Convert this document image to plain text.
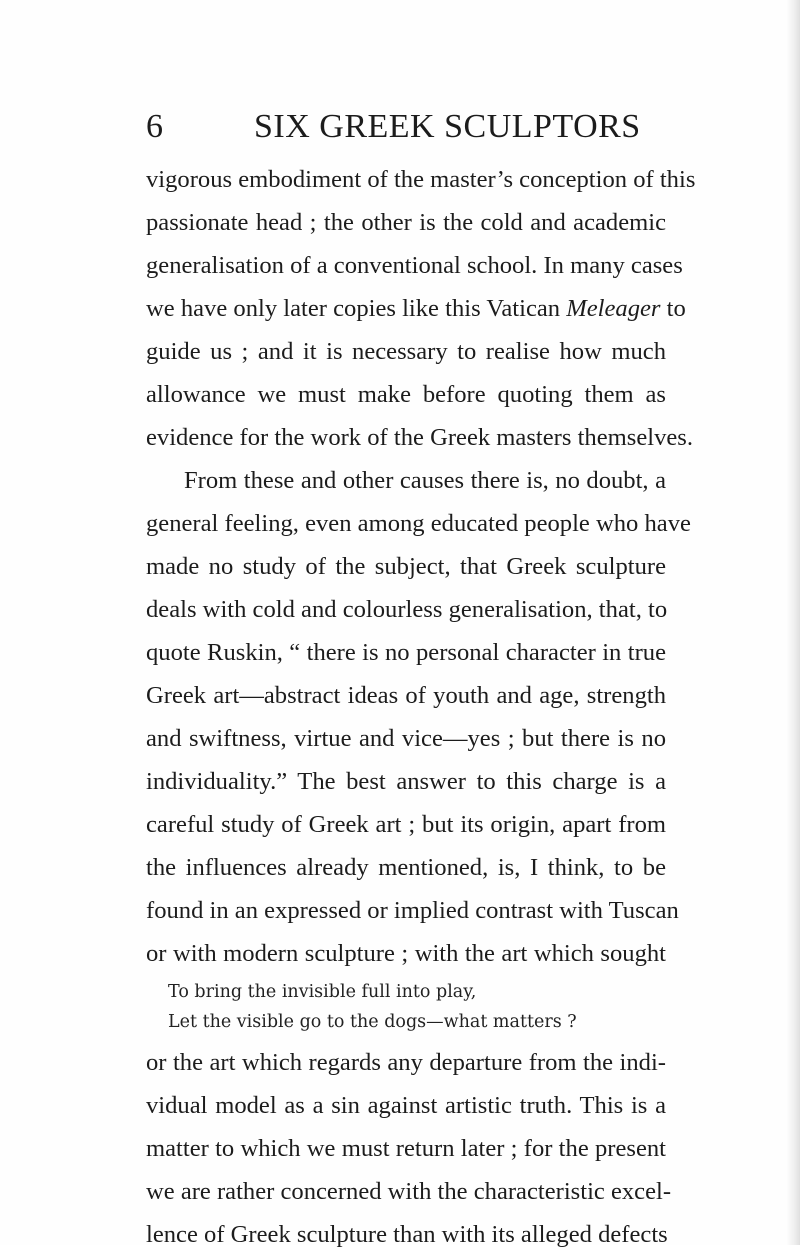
6	SIX GREEK SCULPTORS
vigorous embodiment of the master’s conception of this
passionate head ; the other is the cold and academic
generalisation of a conventional school. In many cases
we have only later copies like this Vatican Meleager to
guide us ; and it is necessary to realise how much
allowance we must make before quoting them as
evidence for the work of the Greek masters themselves.
From these and other causes there is, no doubt, a
general feeling, even among educated people who have
made no study of the subject, that Greek sculpture
deals with cold and colourless generalisation, that, to
quote Ruskin, “ there is no personal character in true
Greek art—abstract ideas of youth and age, strength
and swiftness, virtue and vice—yes ; but there is no
individuality.” The best answer to this charge is a
careful study of Greek art ; but its origin, apart from
the influences already mentioned, is, I think, to be
found in an expressed or implied contrast with Tuscan
or with modern sculpture ; with the art which sought
To bring the invisible full into play,
Let the visible go to the dogs—what matters ?
or the art which regards any departure from the indi-
vidual model as a sin against artistic truth. This is a
matter to which we must return later ; for the present
we are rather concerned with the characteristic excel-
lence of Greek sculpture than with its alleged defects
